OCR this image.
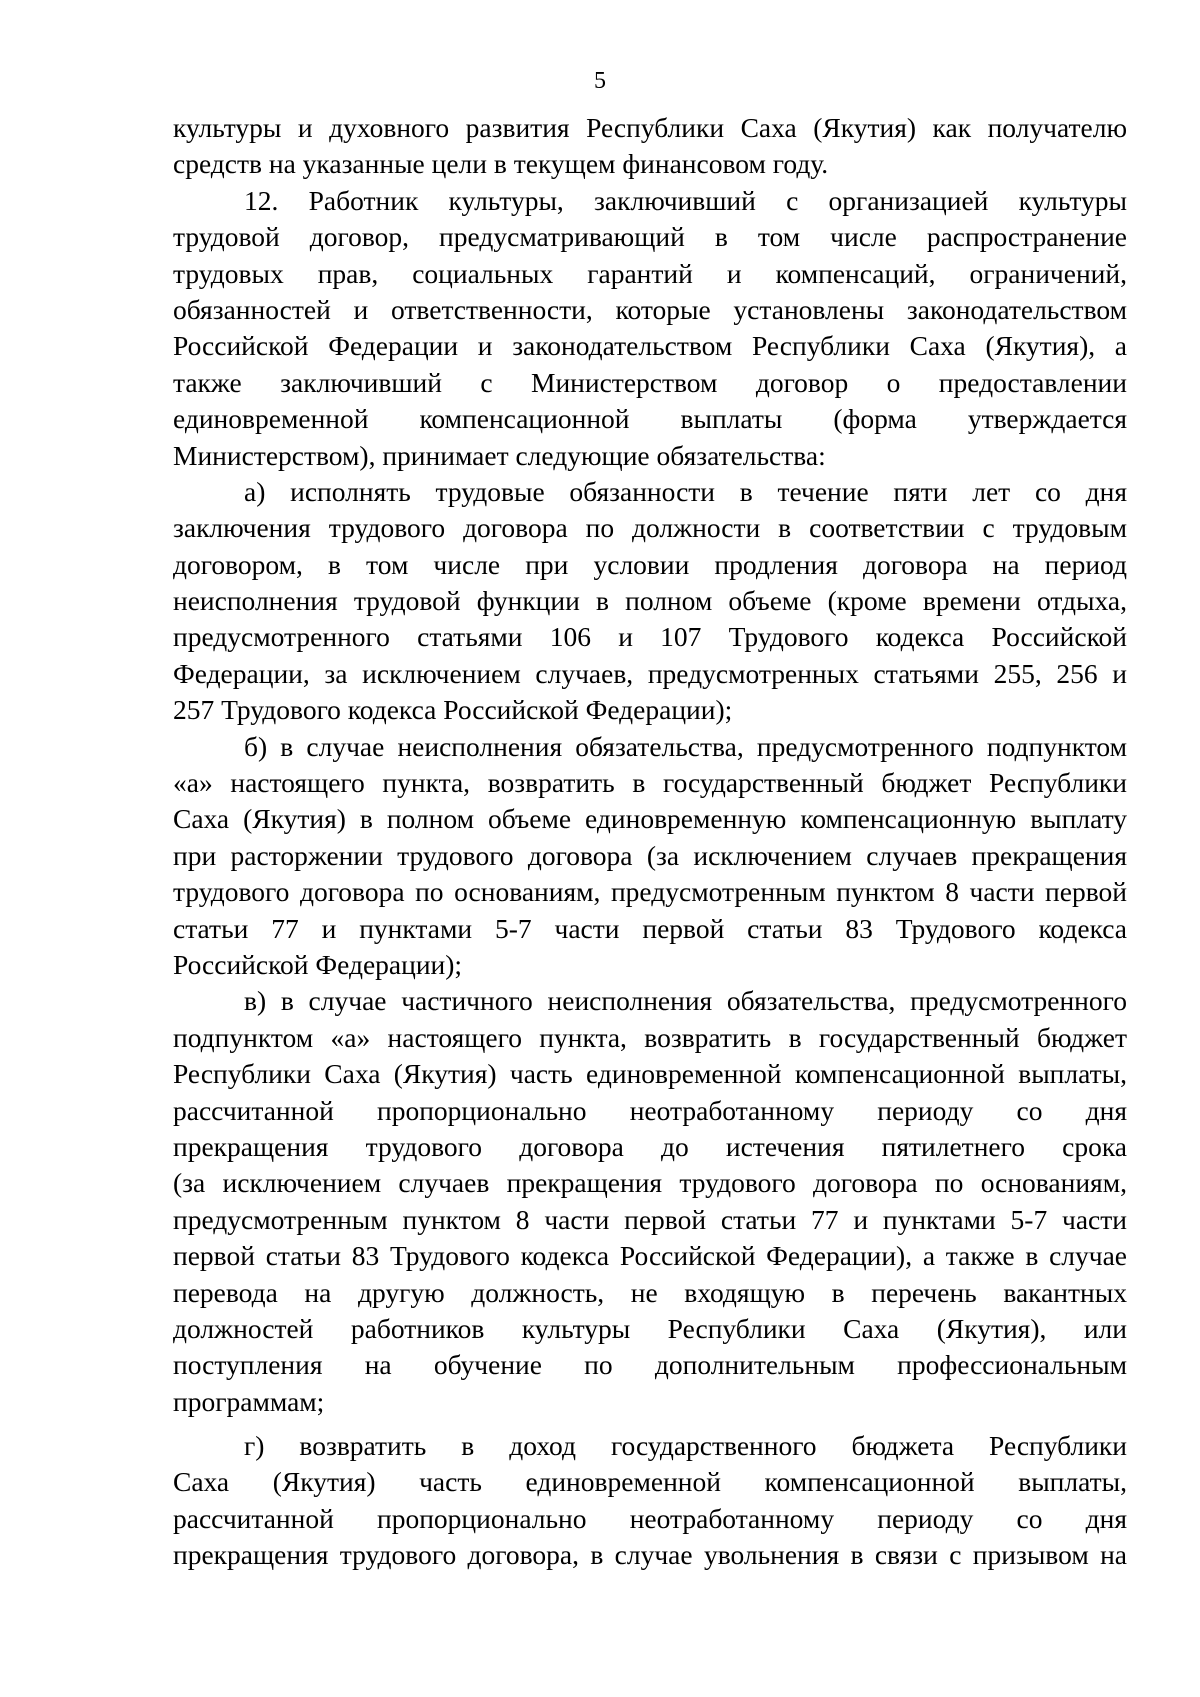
5
культуры и духовного развития Республики Саха (Якутия) как получателю
средств на указанные цели в текущем финансовом году.
12. Работник культуры, заключивший с организацией культуры
трудовой договор, предусматривающий в том числе распространение
трудовых прав, социальных гарантий и компенсаций, ограничений,
обязанностей и ответственности, которые установлены законодательством
Российской Федерации и законодательством Республики Саха (Якутия), а
также заключивший с Министерством договор о предоставлении
единовременной компенсационной выплаты (форма утверждается
Министерством), принимает следующие обязательства:
а) исполнять трудовые обязанности в течение пяти лет со дня
заключения трудового договора по должности в соответствии с трудовым
договором, в том числе при условии продления договора на период
неисполнения трудовой функции в полном объеме (кроме времени отдыха,
предусмотренного статьями 106 и 107 Трудового кодекса Российской
Федерации, за исключением случаев, предусмотренных статьями 255, 256 и
257 Трудового кодекса Российской Федерации);
б) в случае неисполнения обязательства, предусмотренного подпунктом
«а» настоящего пункта, возвратить в государственный бюджет Республики
Саха (Якутия) в полном объеме единовременную компенсационную выплату
при расторжении трудового договора (за исключением случаев прекращения
трудового договора по основаниям, предусмотренным пунктом 8 части первой
статьи 77 и пунктами 5-7 части первой статьи 83 Трудового кодекса
Российской Федерации);
в) в случае частичного неисполнения обязательства, предусмотренного
подпунктом «а» настоящего пункта, возвратить в государственный бюджет
Республики Саха (Якутия) часть единовременной компенсационной выплаты,
рассчитанной пропорционально неотработанному периоду со дня
прекращения трудового договора до истечения пятилетнего срока
(за исключением случаев прекращения трудового договора по основаниям,
предусмотренным пунктом 8 части первой статьи 77 и пунктами 5-7 части
первой статьи 83 Трудового кодекса Российской Федерации), а также в случае
перевода на другую должность, не входящую в перечень вакантных
должностей работников культуры Республики Саха (Якутия), или
поступления на обучение по дополнительным профессиональным
программам;
г) возвратить в доход государственного бюджета Республики
Саха (Якутия) часть единовременной компенсационной выплаты,
рассчитанной пропорционально неотработанному периоду со дня
прекращения трудового договора, в случае увольнения в связи с призывом на
